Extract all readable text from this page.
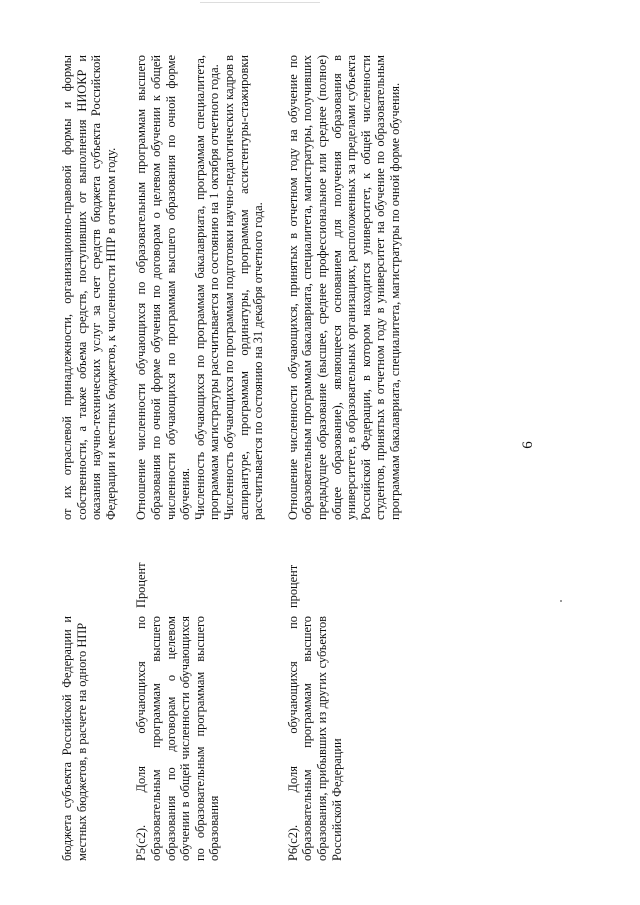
6

бюджета субъекта Российской Федерации и местных бюджетов, в расчете на одного НПР		от их отраслевой принадлежности, организационно-правовой формы и формы собственности, а также объема средств, поступивших от выполнения НИОКР и оказания научно-технических услуг за счет средств бюджета субъекта Российской Федерации и местных бюджетов, к численности НПР в отчетном году.

P5(c2). Доля обучающихся по образовательным программам высшего образования по договорам о целевом обучении в общей численности обучающихся по образовательным программам высшего образования	Процент	Отношение численности обучающихся по образовательным программам высшего образования по очной форме обучения по договорам о целевом обучении к общей численности обучающихся по программам высшего образования по очной форме обучения. Численность обучающихся по программам бакалавриата, программам специалитета, программам магистратуры рассчитывается по состоянию на 1 октября отчетного года. Численность обучающихся по программам подготовки научно-педагогических кадров в аспирантуре, программам ординатуры, программам ассистентуры-стажировки рассчитывается по состоянию на 31 декабря отчетного года.

P6(c2). Доля обучающихся по образовательным программам высшего образования, прибывших из других субъектов Российской Федерации	процент	Отношение численности обучающихся, принятых в отчетном году на обучение по образовательным программам бакалавриата, специалитета, магистратуры, получивших предыдущее образование (высшее, среднее профессиональное или среднее (полное) общее образование), являющееся основанием для получения образования в университете, в образовательных организациях, расположенных за пределами субъекта Российской Федерации, в котором находится университет, к общей численности студентов, принятых в отчетном году в университет на обучение по образовательным программам бакалавриата, специалитета, магистратуры по очной форме обучения.
